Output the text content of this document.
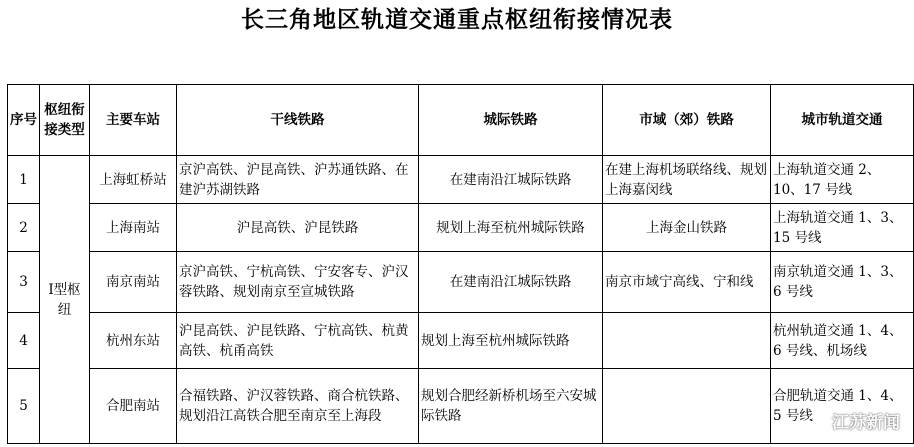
长三角地区轨道交通重点枢纽衔接情况表
序号	枢纽衔接类型	主要车站	干线铁路	城际铁路	市域（郊）铁路	城市轨道交通
1	I型枢纽	上海虹桥站	京沪高铁、沪昆高铁、沪苏通铁路、在建沪苏湖铁路	在建南沿江城际铁路	在建上海机场联络线、规划上海嘉闵线	上海轨道交通 2、10、17 号线
2		上海南站	沪昆高铁、沪昆铁路	规划上海至杭州城际铁路	上海金山铁路	上海轨道交通 1、3、15 号线
3		南京南站	京沪高铁、宁杭高铁、宁安客专、沪汉蓉铁路、规划南京至宣城铁路	在建南沿江城际铁路	南京市域宁高线、宁和线	南京轨道交通 1、3、6 号线
4		杭州东站	沪昆高铁、沪昆铁路、宁杭高铁、杭黄高铁、杭甬高铁	规划上海至杭州城际铁路		杭州轨道交通 1、4、6 号线、机场线
5		合肥南站	合福铁路、沪汉蓉铁路、商合杭铁路、规划沿江高铁合肥至南京至上海段	规划合肥经新桥机场至六安城际铁路		合肥轨道交通 1、4、5 号线 江苏新闻
